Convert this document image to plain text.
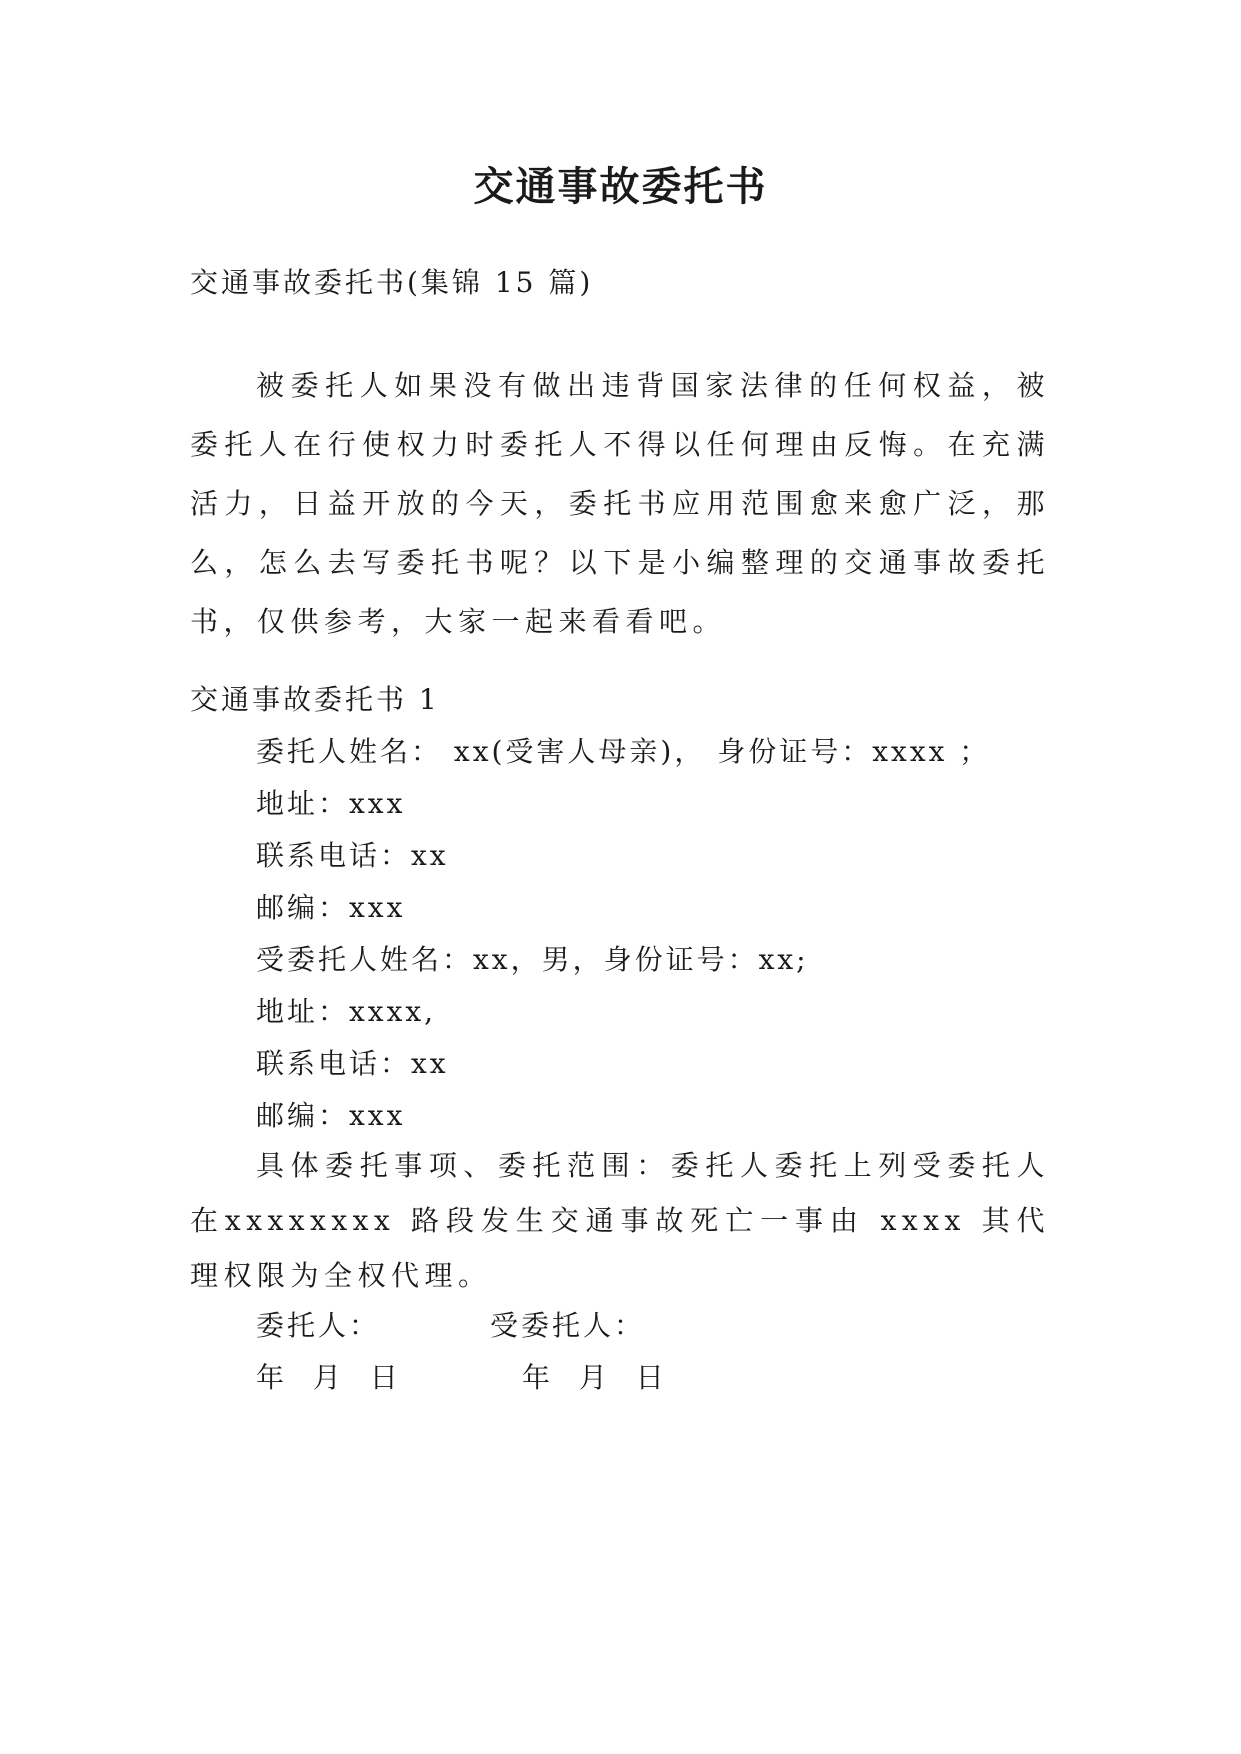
交通事故委托书
交通事故委托书(集锦 15 篇)
被委托人如果没有做出违背国家法律的任何权益，被委托人在行使权力时委托人不得以任何理由反悔。在充满活力，日益开放的今天，委托书应用范围愈来愈广泛，那么，怎么去写委托书呢？以下是小编整理的交通事故委托书，仅供参考，大家一起来看看吧。
交通事故委托书 1
委托人姓名： xx(受害人母亲)， 身份证号：xxxx ；
地址：xxx
联系电话：xx
邮编：xxx
受委托人姓名：xx，男，身份证号：xx;
地址：xxxx,
联系电话：xx
邮编：xxx
具体委托事项、委托范围：委托人委托上列受委托人在xxxxxxxx 路段发生交通事故死亡一事由 xxxx 其代理权限为全权代理。
委托人：	受委托人：
年 月 日	年 月 日
